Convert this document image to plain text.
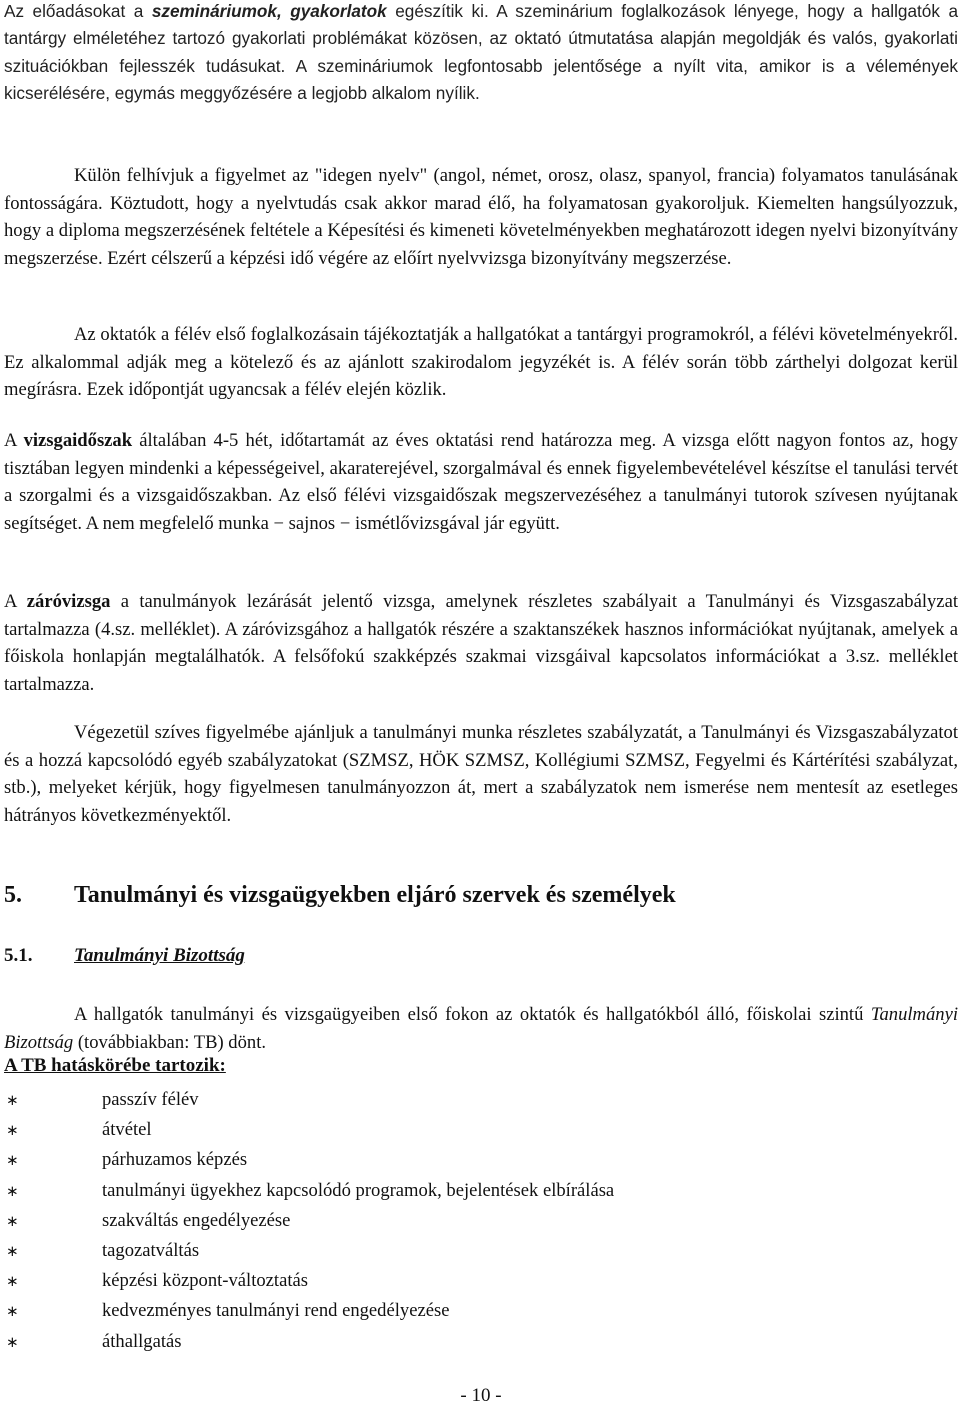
Az előadásokat a szemináriumok, gyakorlatok egészítik ki. A szeminárium foglalkozások lényege, hogy a hallgatók a tantárgy elméletéhez tartozó gyakorlati problémákat közösen, az oktató útmutatása alapján megoldják és valós, gyakorlati szituációkban fejlesszék tudásukat. A szemináriumok legfontosabb jelentősége a nyílt vita, amikor is a vélemények kicserélésére, egymás meggyőzésére a legjobb alkalom nyílik.

Külön felhívjuk a figyelmet az "idegen nyelv" (angol, német, orosz, olasz, spanyol, francia) folyamatos tanulásának fontosságára. Köztudott, hogy a nyelvtudás csak akkor marad élő, ha folyamatosan gyakoroljuk. Kiemelten hangsúlyozzuk, hogy a diploma megszerzésének feltétele a Képesítési és kimeneti követelményekben meghatározott idegen nyelvi bizonyítvány megszerzése. Ezért célszerű a képzési idő végére az előírt nyelvvizsga bizonyítvány megszerzése.

Az oktatók a félév első foglalkozásain tájékoztatják a hallgatókat a tantárgyi programokról, a félévi követelményekről. Ez alkalommal adják meg a kötelező és az ajánlott szakirodalom jegyzékét is. A félév során több zárthelyi dolgozat kerül megírásra. Ezek időpontját ugyancsak a félév elején közlik.

A vizsgaidőszak általában 4-5 hét, időtartamát az éves oktatási rend határozza meg. A vizsga előtt nagyon fontos az, hogy tisztában legyen mindenki a képességeivel, akaraterejével, szorgalmával és ennek figyelembevételével készítse el tanulási tervét a szorgalmi és a vizsgaidőszakban. Az első félévi vizsgaidőszak megszervezéséhez a tanulmányi tutorok szívesen nyújtanak segítséget. A nem megfelelő munka − sajnos − ismétlővizsgával jár együtt.

A záróvizsga a tanulmányok lezárását jelentő vizsga, amelynek részletes szabályait a Tanulmányi és Vizsgaszabályzat tartalmazza (4.sz. melléklet). A záróvizsgához a hallgatók részére a szaktanszékek hasznos információkat nyújtanak, amelyek a főiskola honlapján megtalálhatók. A felsőfokú szakképzés szakmai vizsgáival kapcsolatos információkat a 3.sz. melléklet tartalmazza.

Végezetül szíves figyelmébe ajánljuk a tanulmányi munka részletes szabályzatát, a Tanulmányi és Vizsgaszabályzatot és a hozzá kapcsolódó egyéb szabályzatokat (SZMSZ, HÖK SZMSZ, Kollégiumi SZMSZ, Fegyelmi és Kártérítési szabályzat, stb.), melyeket kérjük, hogy figyelmesen tanulmányozzon át, mert a szabályzatok nem ismerése nem mentesít az esetleges hátrányos következményektől.

5. Tanulmányi és vizsgaügyekben eljáró szervek és személyek
5.1. Tanulmányi Bizottság

A hallgatók tanulmányi és vizsgaügyeiben első fokon az oktatók és hallgatókból álló, főiskolai szintű Tanulmányi Bizottság (továbbiakban: TB) dönt.

A TB hatáskörébe tartozik:
∗	passzív félév
∗	átvétel
∗	párhuzamos képzés
∗	tanulmányi ügyekhez kapcsolódó programok, bejelentések elbírálása
∗	szakváltás engedélyezése
∗	tagozatváltás
∗	képzési központ-változtatás
∗	kedvezményes tanulmányi rend engedélyezése
∗	áthallgatás
- 10 -
